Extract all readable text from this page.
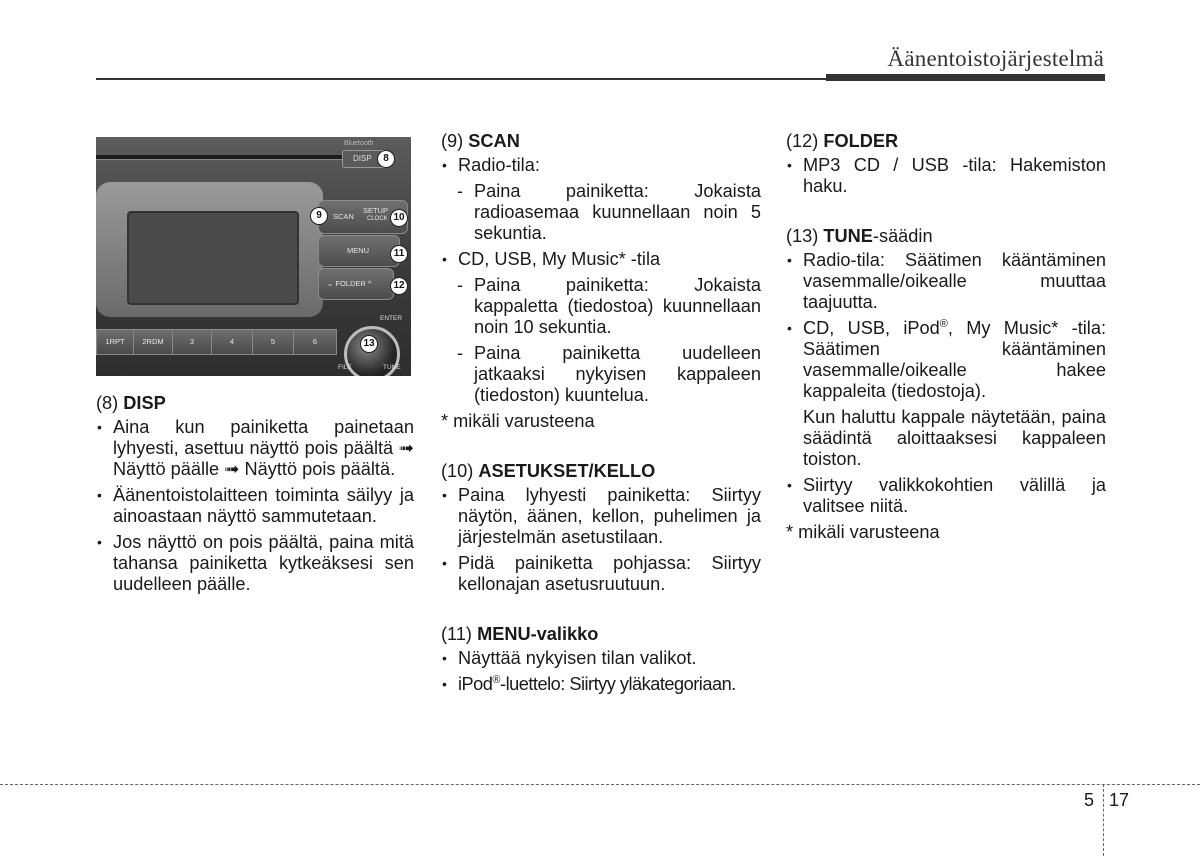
Äänentoistojärjestelmä
Bluetooth
DISP	8
SCAN
SETUP
CLOCK
9	10
MENU	11
⌄ FOLDER ^	12
1RPT	2RDM	3	4	5	6	13
ENTER
FILE	TUNE
(8) DISP
• Aina kun painiketta painetaan lyhyesti, asettuu näyttö pois päältä ➟ Näyttö päälle ➟ Näyttö pois päältä.
• Äänentoistolaitteen toiminta säilyy ja ainoastaan näyttö sammutetaan.
• Jos näyttö on pois päältä, paina mitä tahansa painiketta kytkeäksesi sen uudelleen päälle.
(9) SCAN
• Radio-tila:
- Paina painiketta: Jokaista radioasemaa kuunnellaan noin 5 sekuntia.
• CD, USB, My Music* -tila
- Paina painiketta: Jokaista kappaletta (tiedostoa) kuunnellaan noin 10 sekuntia.
- Paina painiketta uudelleen jatkaaksi nykyisen kappaleen (tiedoston) kuuntelua.
* mikäli varusteena
(10) ASETUKSET/KELLO
• Paina lyhyesti painiketta: Siirtyy näytön, äänen, kellon, puhelimen ja järjestelmän asetustilaan.
• Pidä painiketta pohjassa: Siirtyy kellonajan asetusruutuun.
(11) MENU-valikko
• Näyttää nykyisen tilan valikot.
• iPod®-luettelo: Siirtyy yläkategoriaan.
(12) FOLDER
• MP3 CD / USB -tila: Hakemiston haku.
(13) TUNE-säädin
• Radio-tila: Säätimen kääntäminen vasemmalle/oikealle muuttaa taajuutta.
• CD, USB, iPod®, My Music* -tila: Säätimen kääntäminen vasemmalle/oikealle hakee kappaleita (tiedostoja).
Kun haluttu kappale näytetään, paina säädintä aloittaaksesi kappaleen toiston.
• Siirtyy valikkokohtien välillä ja valitsee niitä.
* mikäli varusteena
5 17
